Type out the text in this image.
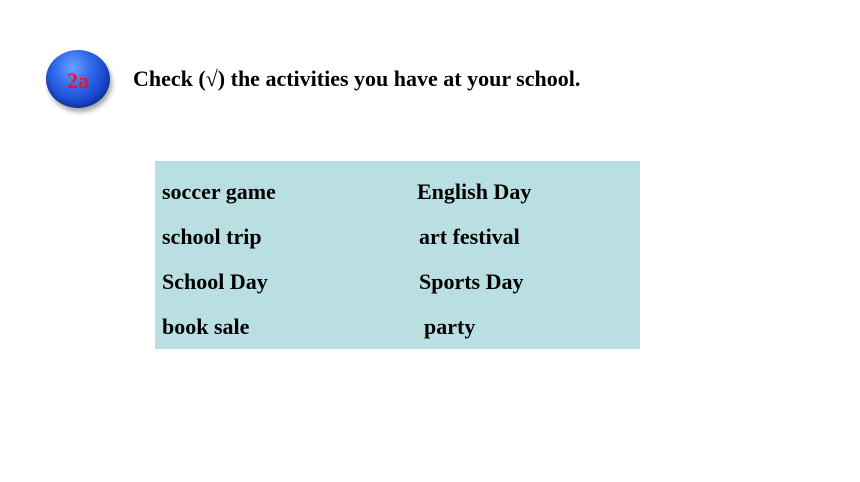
2a Check (√) the activities you have at your school.
soccer game
school trip
School Day
book sale
English Day
art festival
Sports Day
party
